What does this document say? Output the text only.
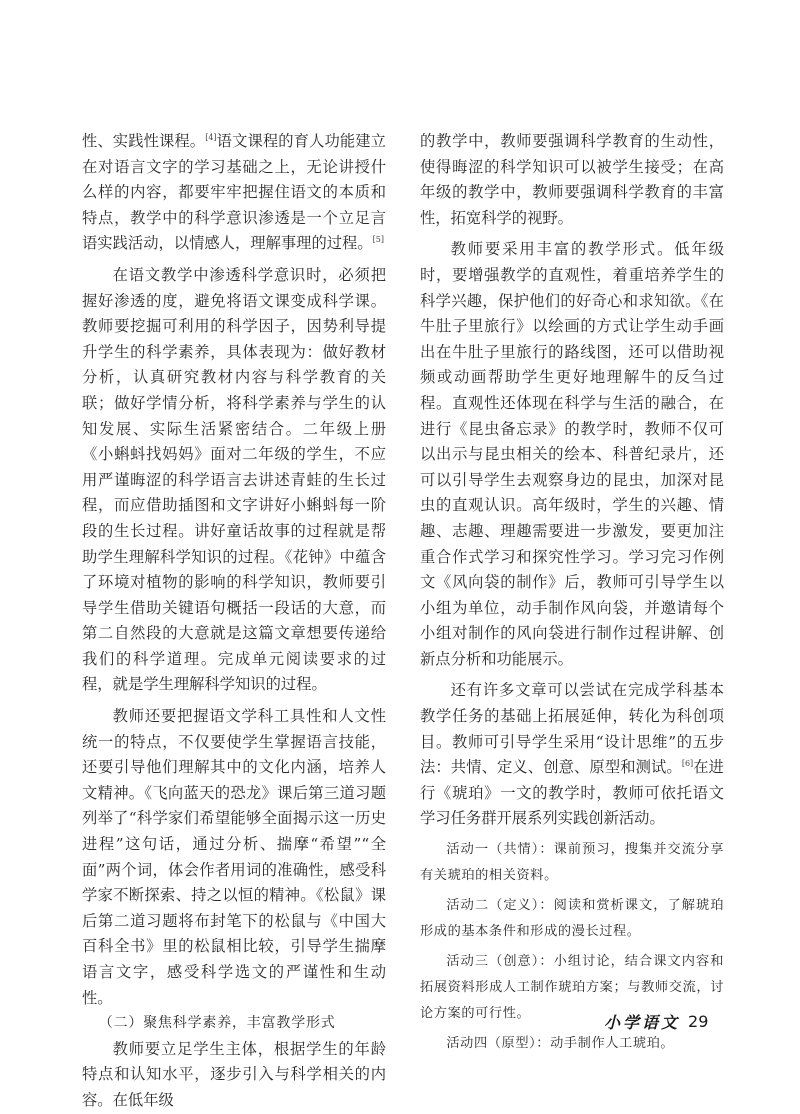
性、实践性课程。[4]语文课程的育人功能建立在对语言文字的学习基础之上，无论讲授什么样的内容，都要牢牢把握住语文的本质和特点，教学中的科学意识渗透是一个立足言语实践活动，以情感人，理解事理的过程。[5]

在语文教学中渗透科学意识时，必须把握好渗透的度，避免将语文课变成科学课。教师要挖掘可利用的科学因子，因势利导提升学生的科学素养，具体表现为：做好教材分析，认真研究教材内容与科学教育的关联；做好学情分析，将科学素养与学生的认知发展、实际生活紧密结合。二年级上册《小蝌蚪找妈妈》面对二年级的学生，不应用严谨晦涩的科学语言去讲述青蛙的生长过程，而应借助插图和文字讲好小蝌蚪每一阶段的生长过程。讲好童话故事的过程就是帮助学生理解科学知识的过程。《花钟》中蕴含了环境对植物的影响的科学知识，教师要引导学生借助关键语句概括一段话的大意，而第二自然段的大意就是这篇文章想要传递给我们的科学道理。完成单元阅读要求的过程，就是学生理解科学知识的过程。

教师还要把握语文学科工具性和人文性统一的特点，不仅要使学生掌握语言技能，还要引导他们理解其中的文化内涵，培养人文精神。《飞向蓝天的恐龙》课后第三道习题列举了“科学家们希望能够全面揭示这一历史进程”这句话，通过分析、揣摩“希望”“全面”两个词，体会作者用词的准确性，感受科学家不断探索、持之以恒的精神。《松鼠》课后第二道习题将布封笔下的松鼠与《中国大百科全书》里的松鼠相比较，引导学生揣摩语言文字，感受科学选文的严谨性和生动性。

（二）聚焦科学素养，丰富教学形式

教师要立足学生主体，根据学生的年龄特点和认知水平，逐步引入与科学相关的内容。在低年级

的教学中，教师要强调科学教育的生动性，使得晦涩的科学知识可以被学生接受；在高年级的教学中，教师要强调科学教育的丰富性，拓宽科学的视野。

教师要采用丰富的教学形式。低年级时，要增强教学的直观性，着重培养学生的科学兴趣，保护他们的好奇心和求知欲。《在牛肚子里旅行》以绘画的方式让学生动手画出在牛肚子里旅行的路线图，还可以借助视频或动画帮助学生更好地理解牛的反刍过程。直观性还体现在科学与生活的融合，在进行《昆虫备忘录》的教学时，教师不仅可以出示与昆虫相关的绘本、科普纪录片，还可以引导学生去观察身边的昆虫，加深对昆虫的直观认识。高年级时，学生的兴趣、情趣、志趣、理趣需要进一步激发，要更加注重合作式学习和探究性学习。学习完习作例文《风向袋的制作》后，教师可引导学生以小组为单位，动手制作风向袋，并邀请每个小组对制作的风向袋进行制作过程讲解、创新点分析和功能展示。

还有许多文章可以尝试在完成学科基本教学任务的基础上拓展延伸，转化为科创项目。教师可引导学生采用“设计思维”的五步法：共情、定义、创意、原型和测试。[6]在进行《琥珀》一文的教学时，教师可依托语文学习任务群开展系列实践创新活动。

活动一（共情）：课前预习，搜集并交流分享有关琥珀的相关资料。

活动二（定义）：阅读和赏析课文，了解琥珀形成的基本条件和形成的漫长过程。

活动三（创意）：小组讨论，结合课文内容和拓展资料形成人工制作琥珀方案；与教师交流，讨论方案的可行性。

活动四（原型）：动手制作人工琥珀。

小学语文 29
